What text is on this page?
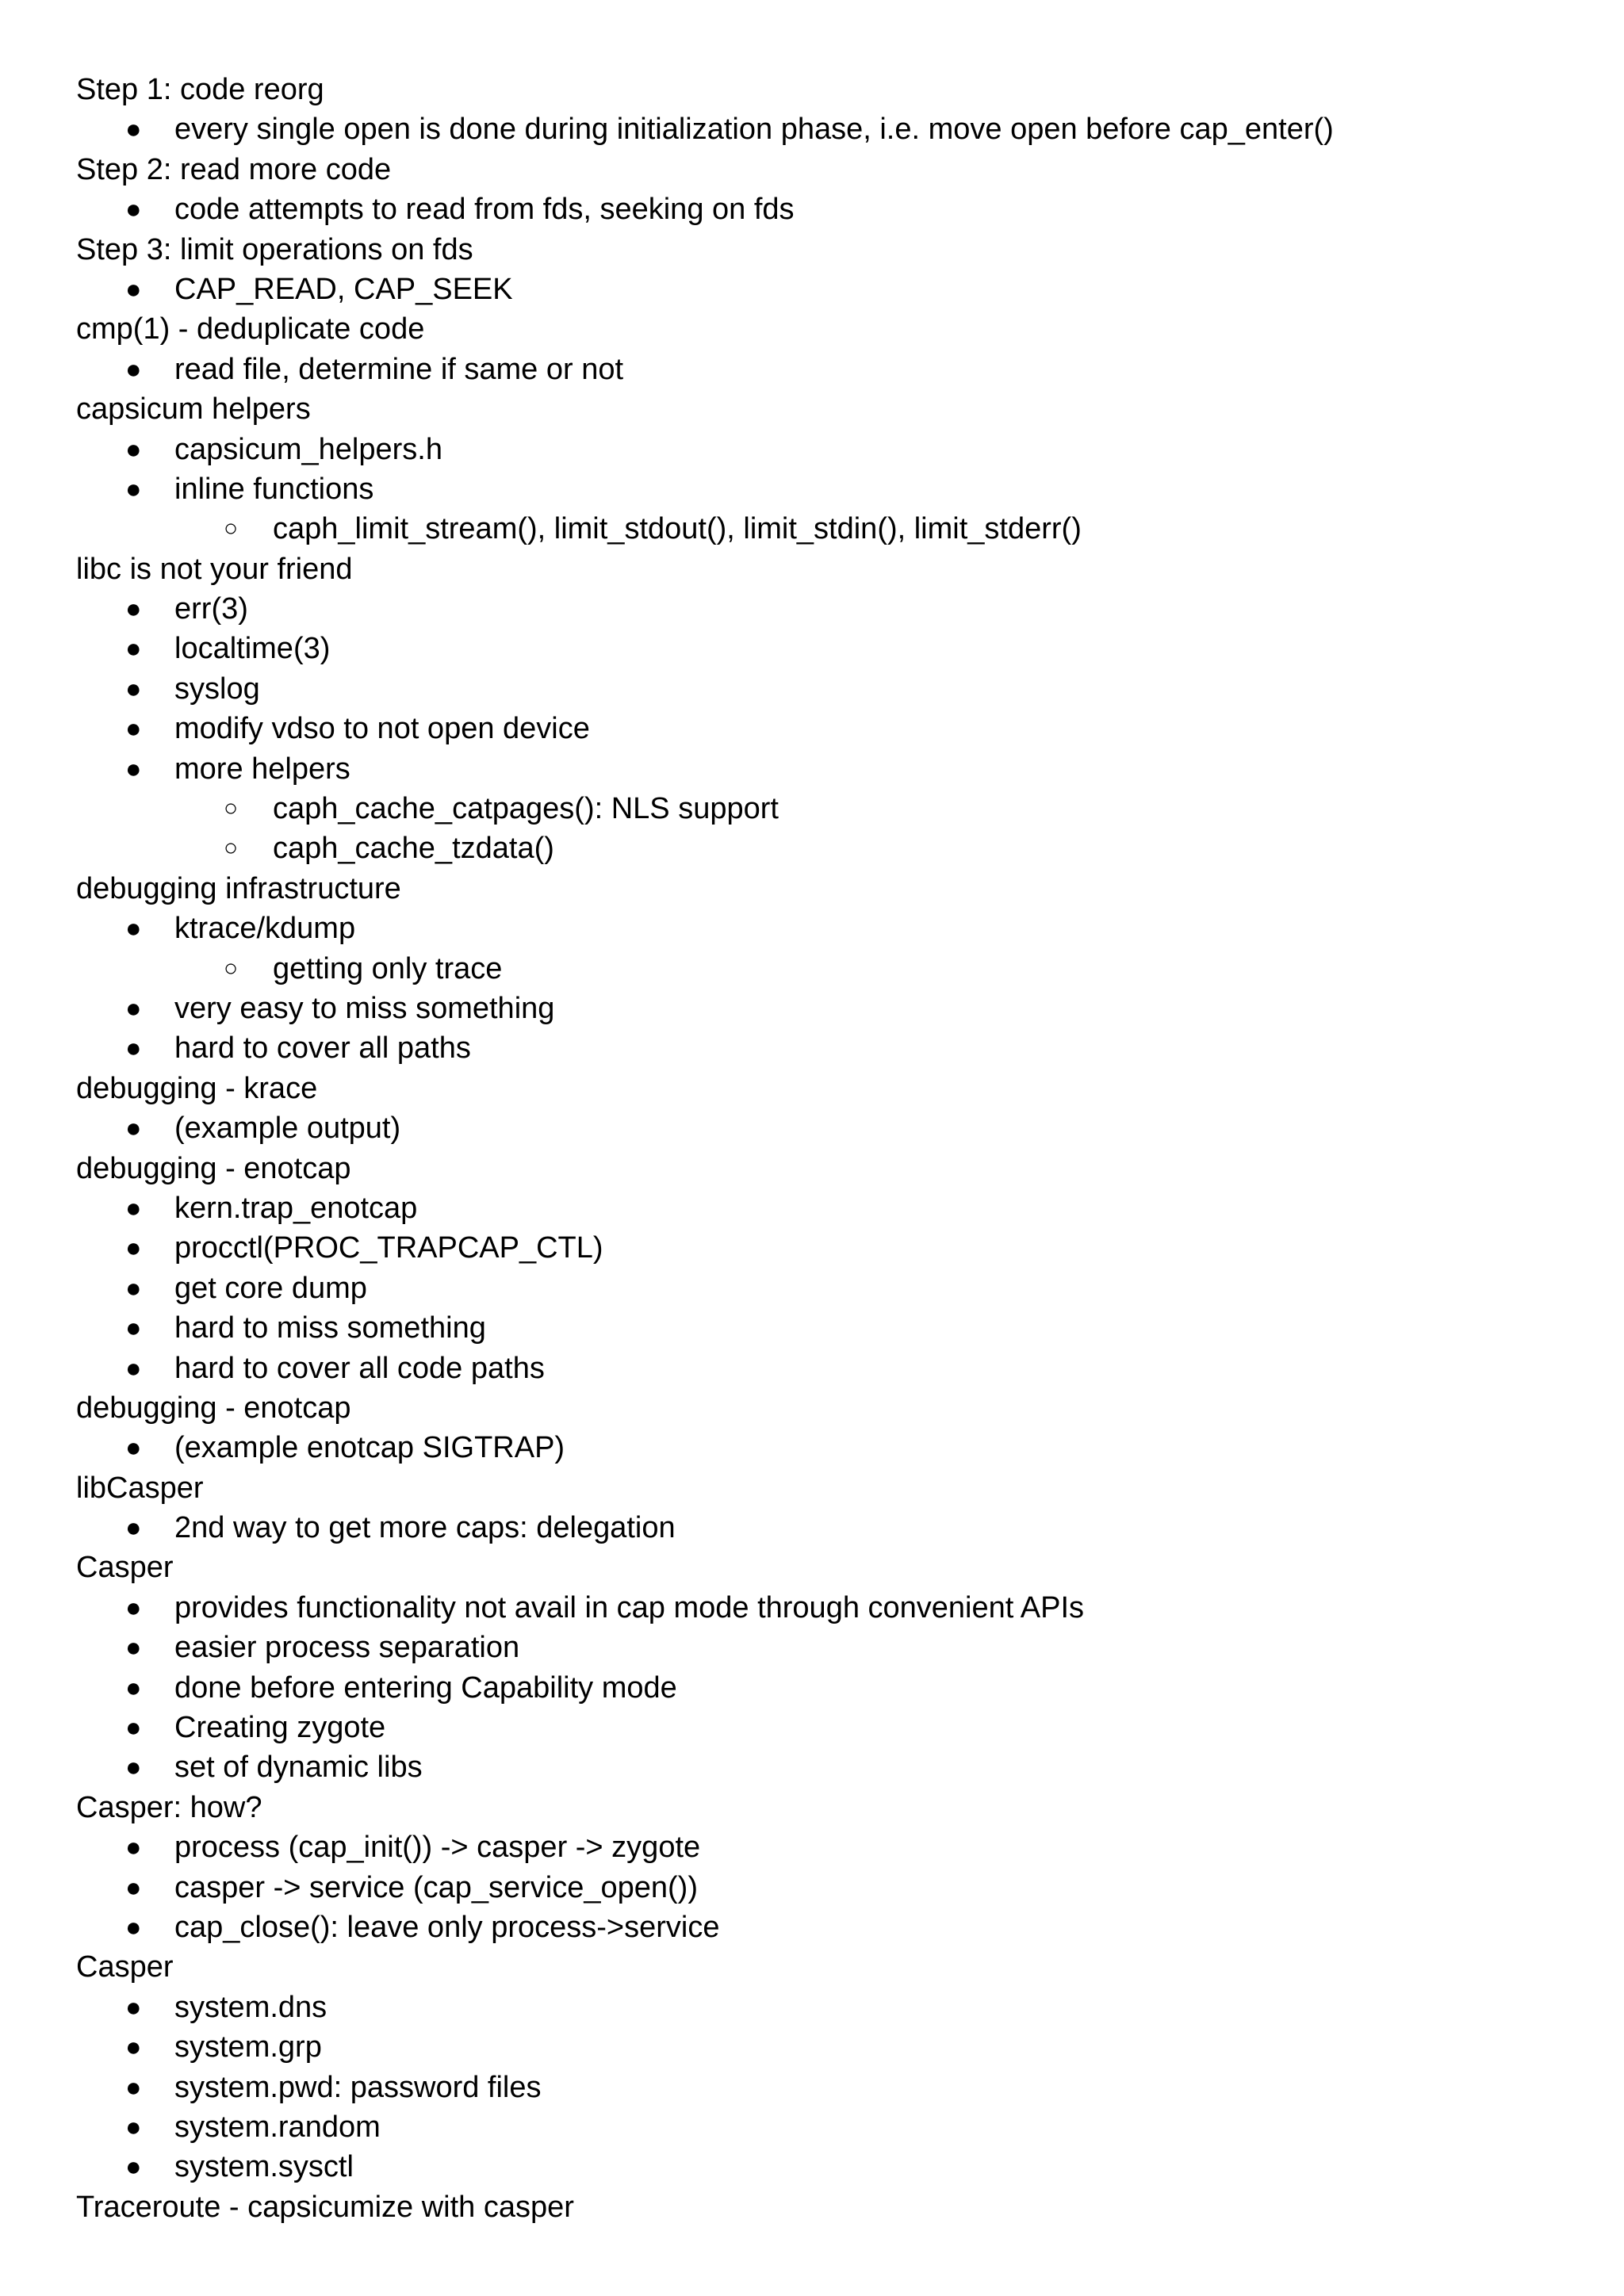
Step 1: code reorg
● every single open is done during initialization phase, i.e. move open before cap_enter()
Step 2: read more code
● code attempts to read from fds, seeking on fds
Step 3: limit operations on fds
● CAP_READ, CAP_SEEK
cmp(1) - deduplicate code
● read file, determine if same or not
capsicum helpers
● capsicum_helpers.h
● inline functions
○ caph_limit_stream(), limit_stdout(), limit_stdin(), limit_stderr()
libc is not your friend
● err(3)
● localtime(3)
● syslog
● modify vdso to not open device
● more helpers
○ caph_cache_catpages(): NLS support
○ caph_cache_tzdata()
debugging infrastructure
● ktrace/kdump
○ getting only trace
● very easy to miss something
● hard to cover all paths
debugging - krace
● (example output)
debugging - enotcap
● kern.trap_enotcap
● procctl(PROC_TRAPCAP_CTL)
● get core dump
● hard to miss something
● hard to cover all code paths
debugging - enotcap
● (example enotcap SIGTRAP)
libCasper
● 2nd way to get more caps: delegation
Casper
● provides functionality not avail in cap mode through convenient APIs
● easier process separation
● done before entering Capability mode
● Creating zygote
● set of dynamic libs
Casper: how?
● process (cap_init()) -> casper -> zygote
● casper -> service (cap_service_open())
● cap_close(): leave only process->service
Casper
● system.dns
● system.grp
● system.pwd: password files
● system.random
● system.sysctl
Traceroute - capsicumize with casper
